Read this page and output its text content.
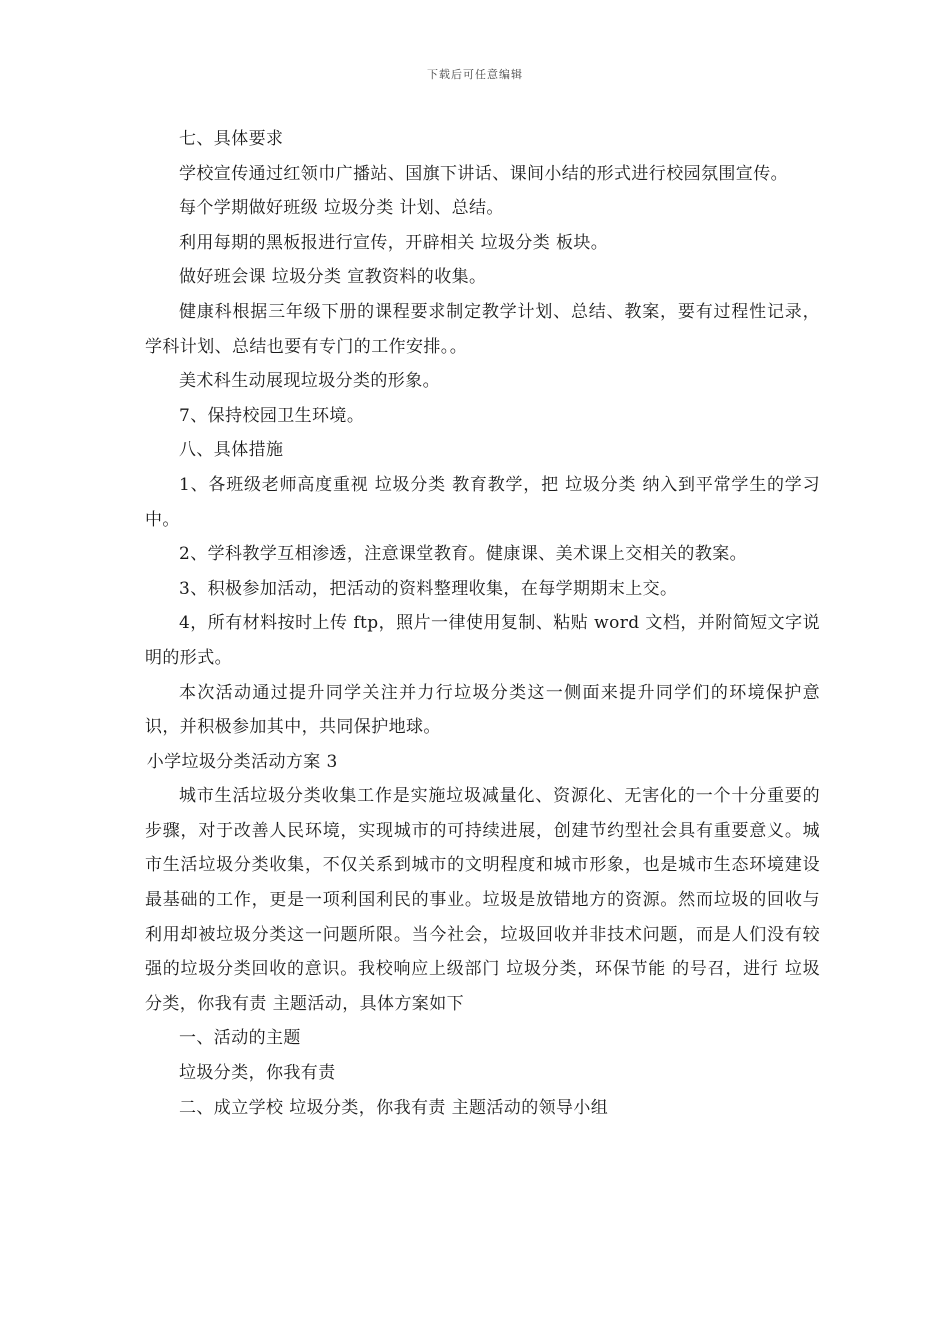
下载后可任意编辑

七、具体要求

学校宣传通过红领巾广播站、国旗下讲话、课间小结的形式进行校园氛围宣传。

每个学期做好班级 垃圾分类 计划、总结。

利用每期的黑板报进行宣传，开辟相关 垃圾分类 板块。

做好班会课 垃圾分类 宣教资料的收集。

健康科根据三年级下册的课程要求制定教学计划、总结、教案，要有过程性记录，学科计划、总结也要有专门的工作安排。。

美术科生动展现垃圾分类的形象。

7、保持校园卫生环境。

八、具体措施

1、各班级老师高度重视 垃圾分类 教育教学，把 垃圾分类 纳入到平常学生的学习中。

2、学科教学互相渗透，注意课堂教育。健康课、美术课上交相关的教案。

3、积极参加活动，把活动的资料整理收集，在每学期期末上交。

4，所有材料按时上传 ftp，照片一律使用复制、粘贴 word 文档，并附简短文字说明的形式。

本次活动通过提升同学关注并力行垃圾分类这一侧面来提升同学们的环境保护意识，并积极参加其中，共同保护地球。

小学垃圾分类活动方案 3

城市生活垃圾分类收集工作是实施垃圾减量化、资源化、无害化的一个十分重要的步骤，对于改善人民环境，实现城市的可持续进展，创建节约型社会具有重要意义。城市生活垃圾分类收集，不仅关系到城市的文明程度和城市形象，也是城市生态环境建设最基础的工作，更是一项利国利民的事业。垃圾是放错地方的资源。然而垃圾的回收与利用却被垃圾分类这一问题所限。当今社会，垃圾回收并非技术问题，而是人们没有较强的垃圾分类回收的意识。我校响应上级部门 垃圾分类，环保节能 的号召，进行 垃圾分类，你我有责 主题活动，具体方案如下

一、活动的主题

垃圾分类，你我有责

二、成立学校 垃圾分类，你我有责 主题活动的领导小组
